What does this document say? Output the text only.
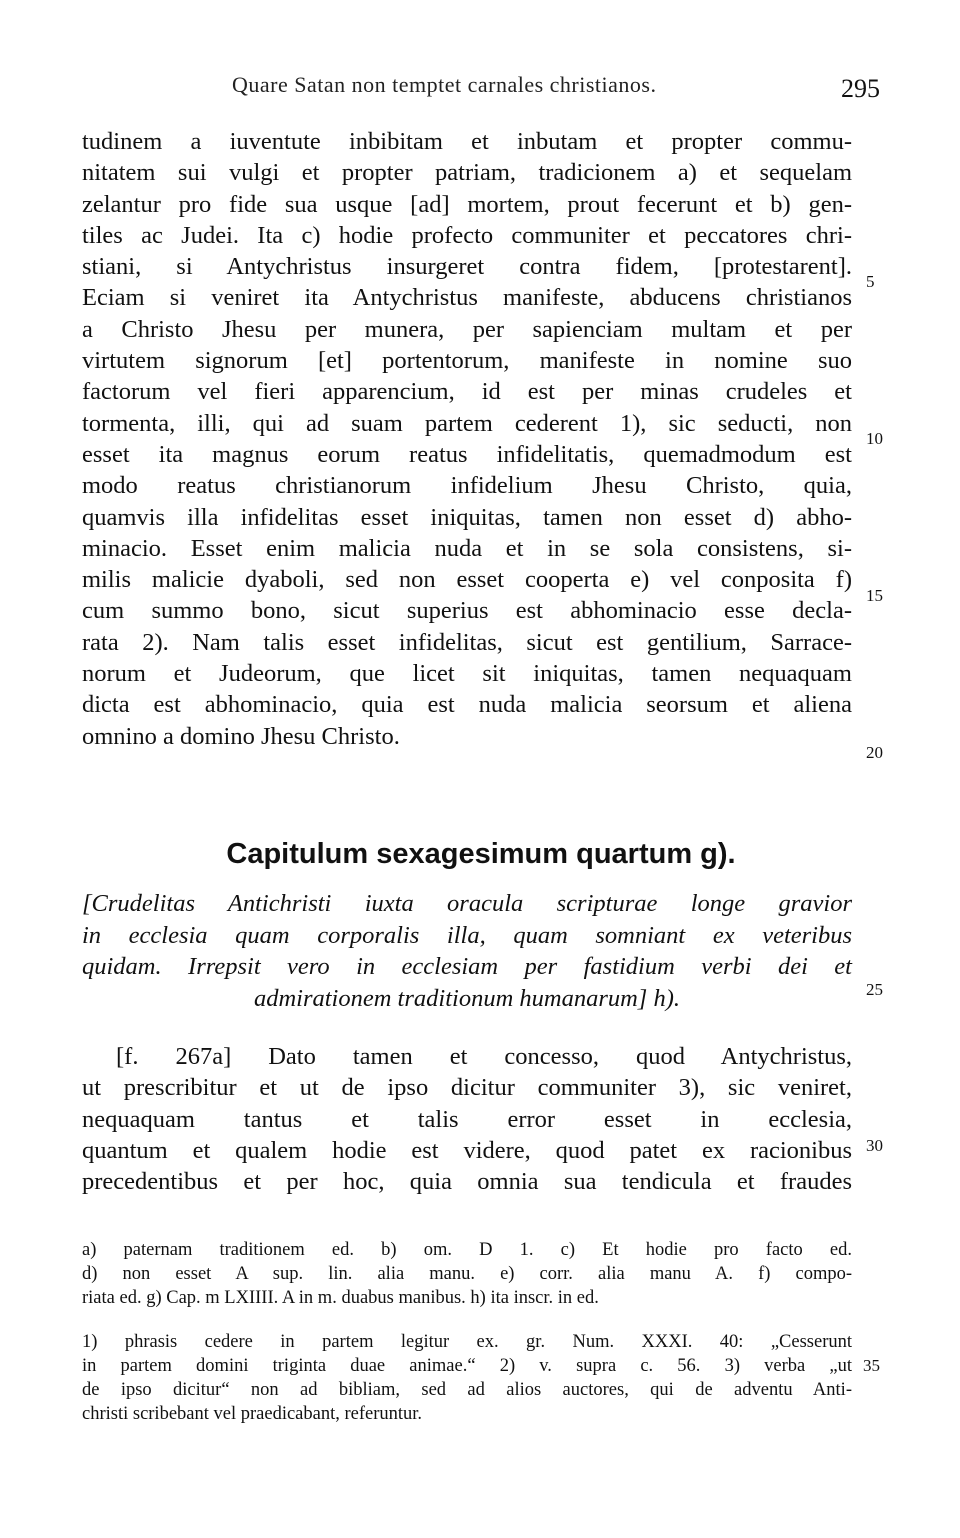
Quare Satan non temptet carnales christianos.	295
tudinem a iuventute inbibitam et inbutam et propter commu-
nitatem sui vulgi et propter patriam, tradicionem a) et sequelam
zelantur pro fide sua usque [ad] mortem, prout fecerunt et b) gen-
tiles ac Judei. Ita c) hodie profecto communiter et peccatores chri-
stiani, si Antychristus insurgeret contra fidem, [protestarent].
Eciam si veniret ita Antychristus manifeste, abducens christianos
a Christo Jhesu per munera, per sapienciam multam et per
virtutem signorum [et] portentorum, manifeste in nomine suo
factorum vel fieri apparencium, id est per minas crudeles et
tormenta, illi, qui ad suam partem cederent 1), sic seducti, non
esset ita magnus eorum reatus infidelitatis, quemadmodum est
modo reatus christianorum infidelium Jhesu Christo, quia,
quamvis illa infidelitas esset iniquitas, tamen non esset d) abho-
minacio. Esset enim malicia nuda et in se sola consistens, si-
milis malicie dyaboli, sed non esset cooperta e) vel conposita f)
cum summo bono, sicut superius est abhominacio esse decla-
rata 2). Nam talis esset infidelitas, sicut est gentilium, Sarrace-
norum et Judeorum, que licet sit iniquitas, tamen nequaquam
dicta est abhominacio, quia est nuda malicia seorsum et aliena
omnino a domino Jhesu Christo.
5
10
15
20
25
30
Capitulum sexagesimum quartum g).
[Crudelitas Antichristi iuxta oracula scripturae longe gravior
in ecclesia quam corporalis illa, quam somniant ex veteribus
quidam. Irrepsit vero in ecclesiam per fastidium verbi dei et
admirationem traditionum humanarum] h).
[f. 267a] Dato tamen et concesso, quod Antychristus,
ut prescribitur et ut de ipso dicitur communiter 3), sic veniret,
nequaquam tantus et talis error esset in ecclesia,
quantum et qualem hodie est videre, quod patet ex racionibus
precedentibus et per hoc, quia omnia sua tendicula et fraudes
a) paternam traditionem ed. b) om. D 1. c) Et hodie pro facto ed.
d) non esset A sup. lin. alia manu. e) corr. alia manu A. f) compo-
riata ed. g) Cap. m LXIIII. A in m. duabus manibus. h) ita inscr. in ed.
1) phrasis cedere in partem legitur ex. gr. Num. XXXI. 40: „Cesserunt
in partem domini triginta duae animae.“ 2) v. supra c. 56. 3) verba „ut
de ipso dicitur“ non ad bibliam, sed ad alios auctores, qui de adventu Anti-
christi scribebant vel praedicabant, referuntur.
35
